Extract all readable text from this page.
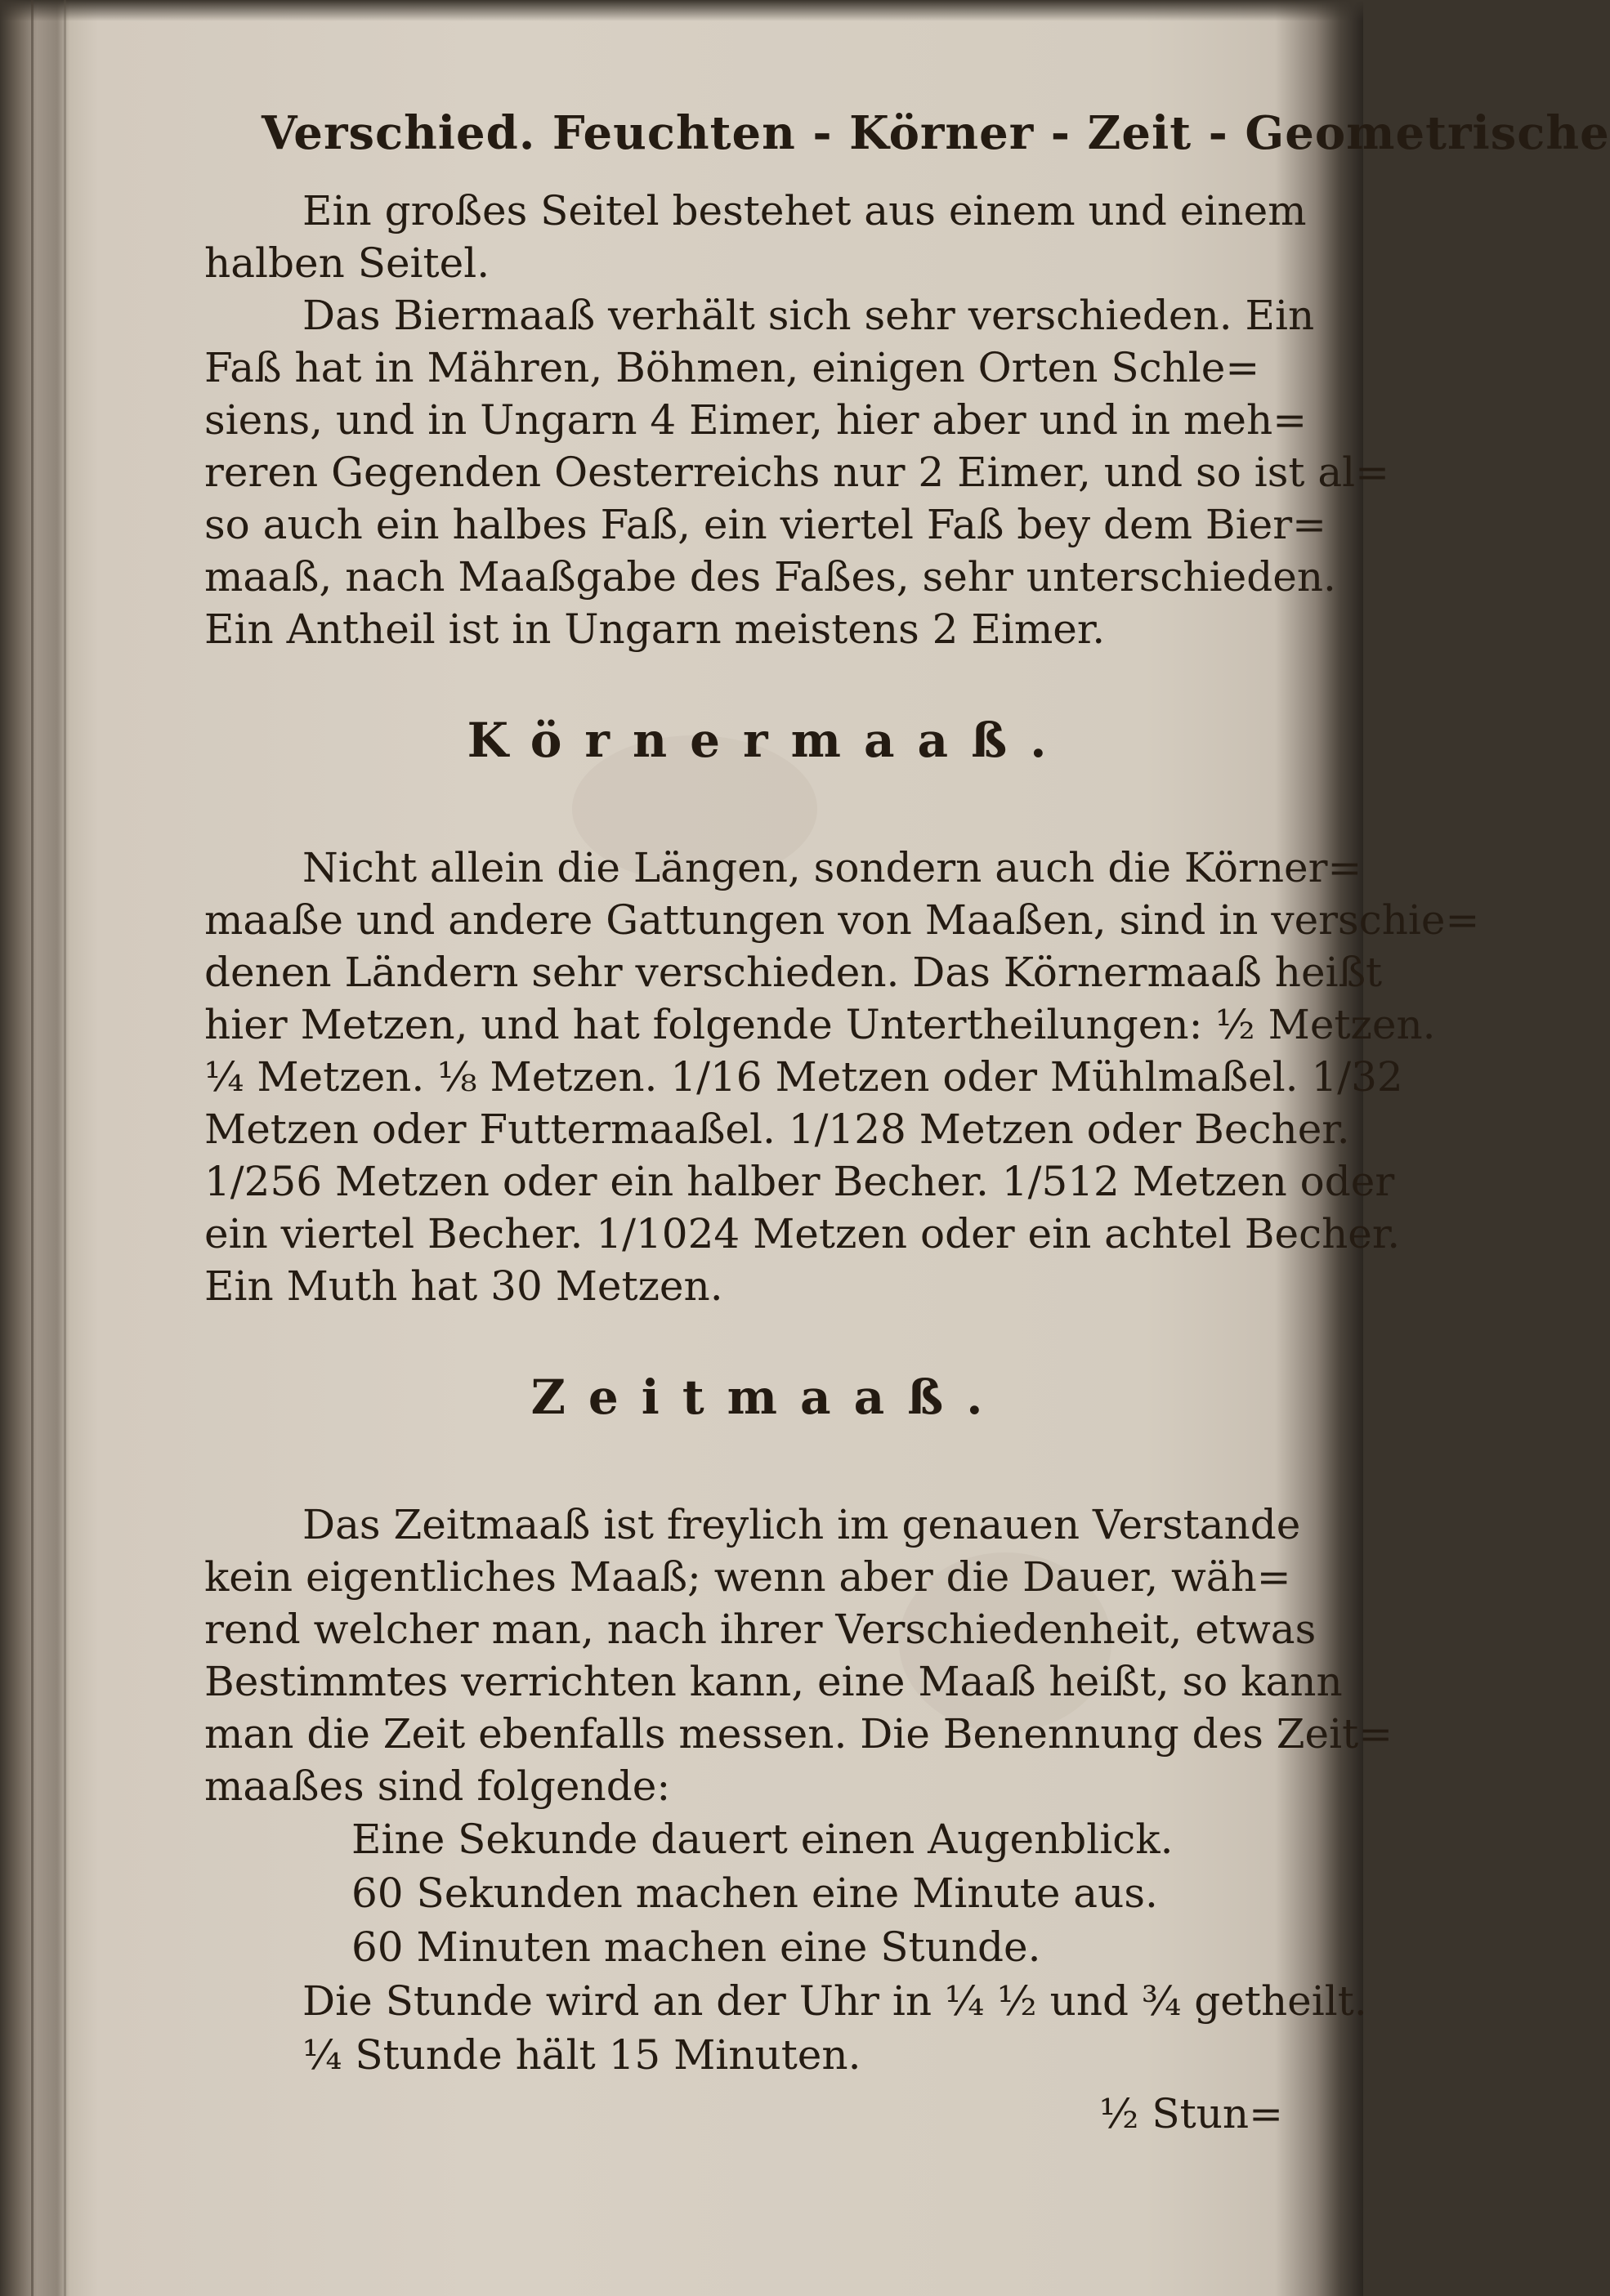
Verschied. Feuchten - Körner - Zeit - Geometrische
Ein großes Seitel bestehet aus einem und einem
halben Seitel.
Das Biermaaß verhält sich sehr verschieden. Ein
Faß hat in Mähren, Böhmen, einigen Orten Schle=
siens, und in Ungarn 4 Eimer, hier aber und in meh=
reren Gegenden Oesterreichs nur 2 Eimer, und so ist al=
so auch ein halbes Faß, ein viertel Faß bey dem Bier=
maaß, nach Maaßgabe des Faßes, sehr unterschieden.
Ein Antheil ist in Ungarn meistens 2 Eimer.
Körnermaaß.
Nicht allein die Längen, sondern auch die Körner=
maaße und andere Gattungen von Maaßen, sind in verschie=
denen Ländern sehr verschieden. Das Körnermaaß heißt
hier Metzen, und hat folgende Untertheilungen: ½ Metzen.
¼ Metzen. ⅛ Metzen. 1/16 Metzen oder Mühlmaßel. 1/32
Metzen oder Futtermaaßel. 1/128 Metzen oder Becher.
1/256 Metzen oder ein halber Becher. 1/512 Metzen oder
ein viertel Becher. 1/1024 Metzen oder ein achtel Becher.
Ein Muth hat 30 Metzen.
Zeitmaaß.
Das Zeitmaaß ist freylich im genauen Verstande
kein eigentliches Maaß; wenn aber die Dauer, wäh=
rend welcher man, nach ihrer Verschiedenheit, etwas
Bestimmtes verrichten kann, eine Maaß heißt, so kann
man die Zeit ebenfalls messen. Die Benennung des Zeit=
maaßes sind folgende:
Eine Sekunde dauert einen Augenblick.
60 Sekunden machen eine Minute aus.
60 Minuten machen eine Stunde.
Die Stunde wird an der Uhr in ¼ ½ und ¾ getheilt.
¼ Stunde hält 15 Minuten.
½ Stun=
